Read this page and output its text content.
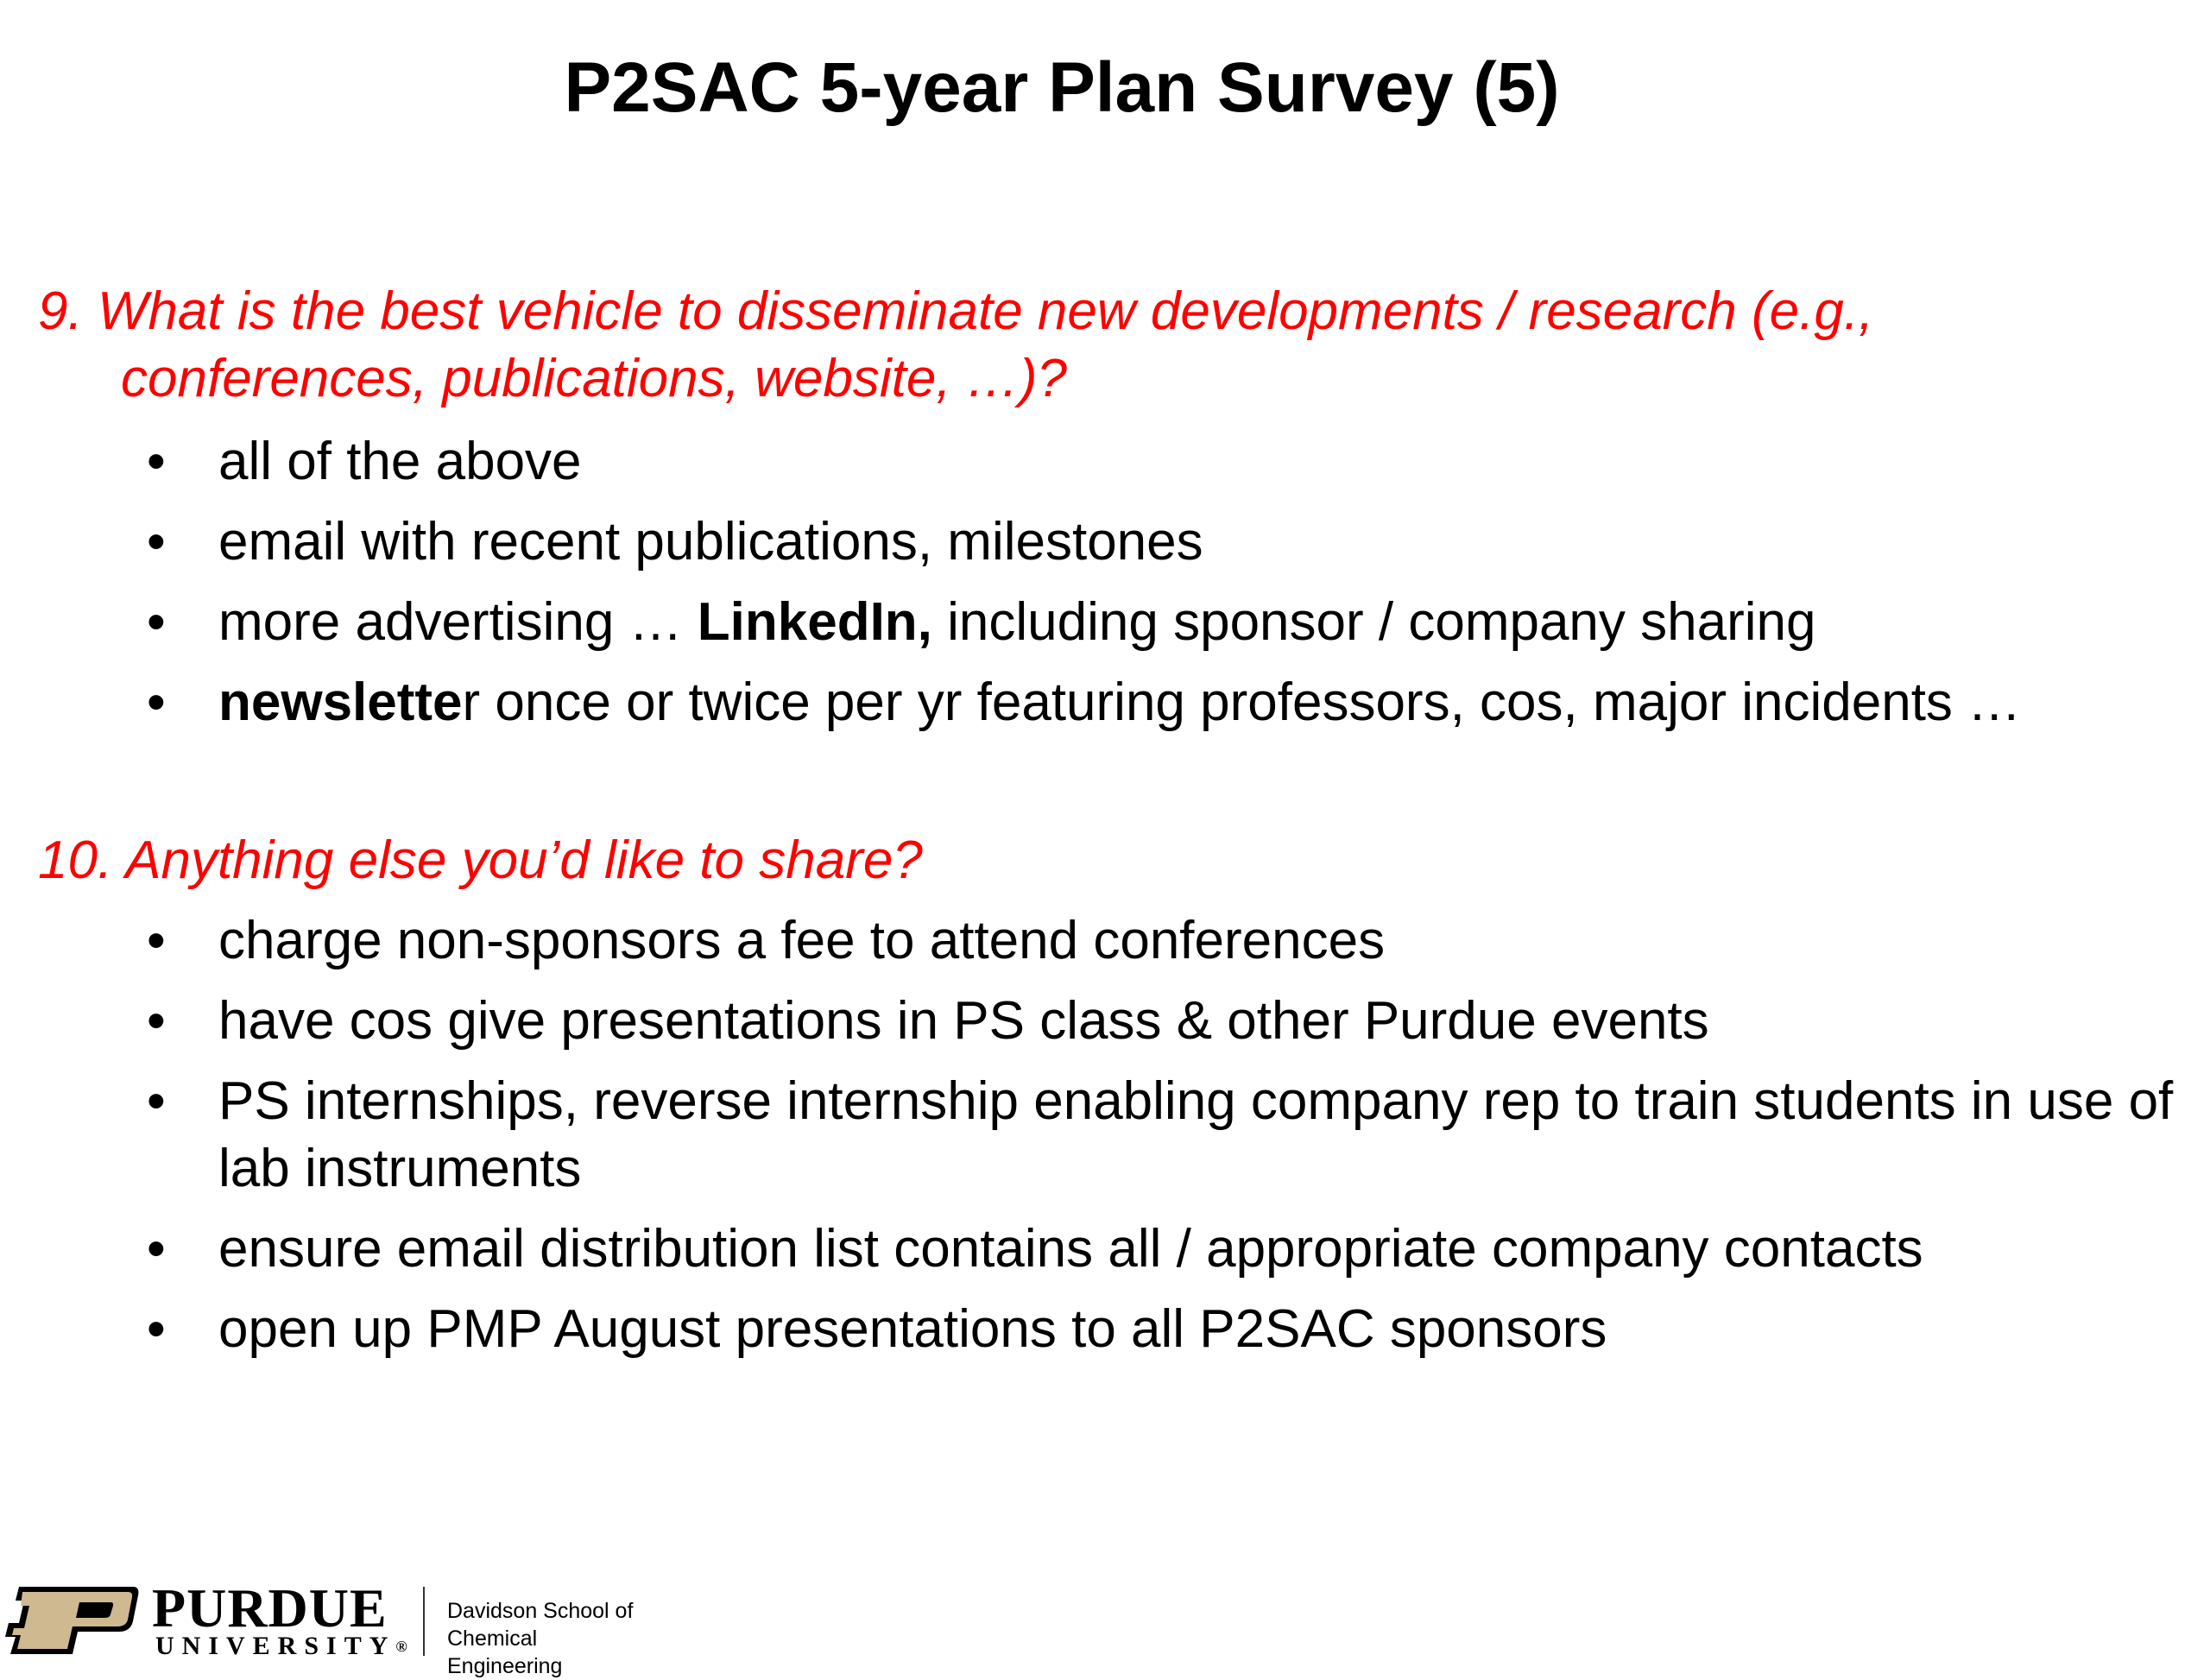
P2SAC 5-year Plan Survey (5)
9. What is the best vehicle to disseminate new developments / research (e.g.,
conferences, publications, website, …)?
• all of the above
• email with recent publications, milestones
• more advertising … LinkedIn, including sponsor / company sharing
• newsletter once or twice per yr featuring professors, cos, major incidents …
10. Anything else you’d like to share?
• charge non-sponsors a fee to attend conferences
• have cos give presentations in PS class & other Purdue events
• PS internships, reverse internship enabling company rep to train students in use of lab instruments
• ensure email distribution list contains all / appropriate company contacts
• open up PMP August presentations to all P2SAC sponsors
PURDUE
UNIVERSITY®
Davidson School of
Chemical Engineering
